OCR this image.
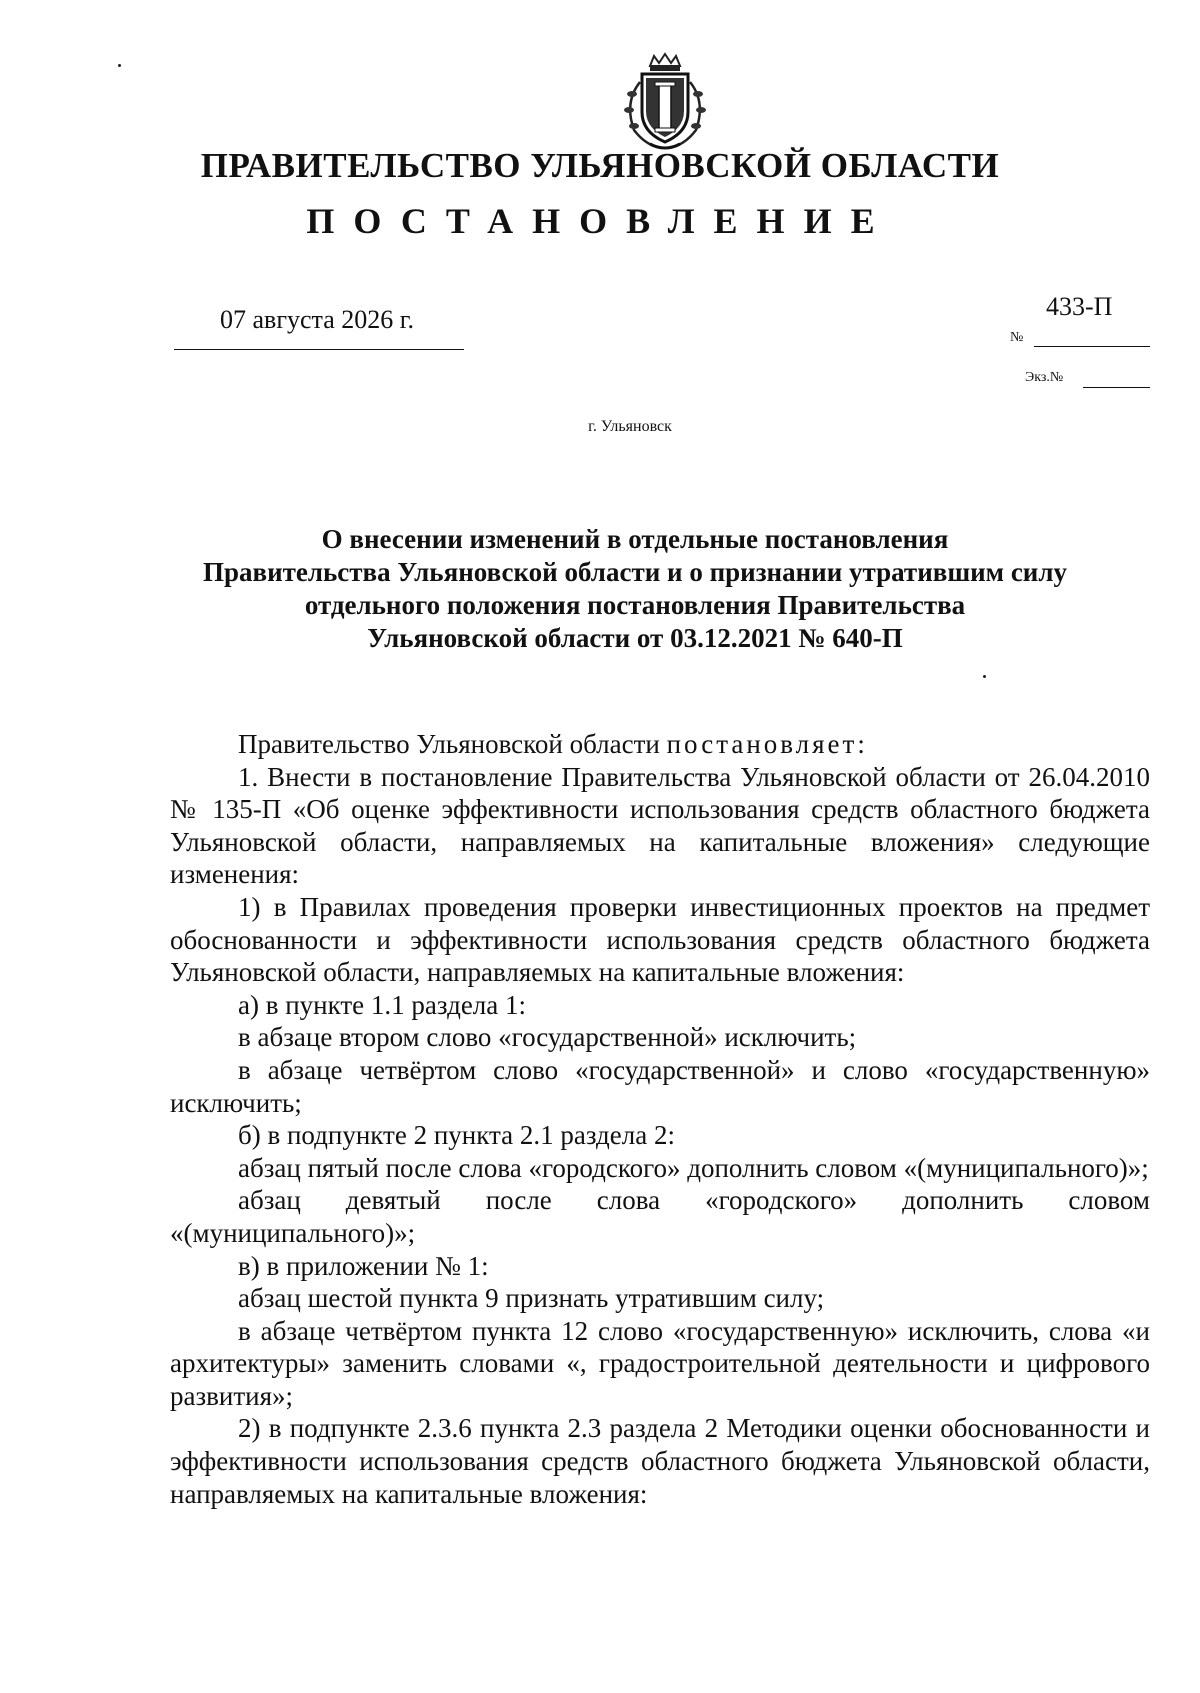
ПРАВИТЕЛЬСТВО УЛЬЯНОВСКОЙ ОБЛАСТИ
ПОСТАНОВЛЕНИЕ
07 августа 2026 г.
№
433-П
Экз.№
г. Ульяновск
О внесении изменений в отдельные постановления
Правительства Ульяновской области и о признании утратившим силу
отдельного положения постановления Правительства
Ульяновской области от 03.12.2021 № 640-П

Правительство Ульяновской области постановляет:

1. Внести в постановление Правительства Ульяновской области от 26.04.2010 № 135-П «Об оценке эффективности использования средств областного бюджета Ульяновской области, направляемых на капитальные вложения» следующие изменения:

1) в Правилах проведения проверки инвестиционных проектов на предмет обоснованности и эффективности использования средств областного бюджета Ульяновской области, направляемых на капитальные вложения:

а) в пункте 1.1 раздела 1:

в абзаце втором слово «государственной» исключить;

в абзаце четвёртом слово «государственной» и слово «государственную» исключить;

б) в подпункте 2 пункта 2.1 раздела 2:

абзац пятый после слова «городского» дополнить словом «(муниципального)»;

абзац девятый после слова «городского» дополнить словом «(муниципального)»;

в) в приложении № 1:

абзац шестой пункта 9 признать утратившим силу;

в абзаце четвёртом пункта 12 слово «государственную» исключить, слова «и архитектуры» заменить словами «, градостроительной деятельности и цифрового развития»;

2) в подпункте 2.3.6 пункта 2.3 раздела 2 Методики оценки обоснованности и эффективности использования средств областного бюджета Ульяновской области, направляемых на капитальные вложения:
